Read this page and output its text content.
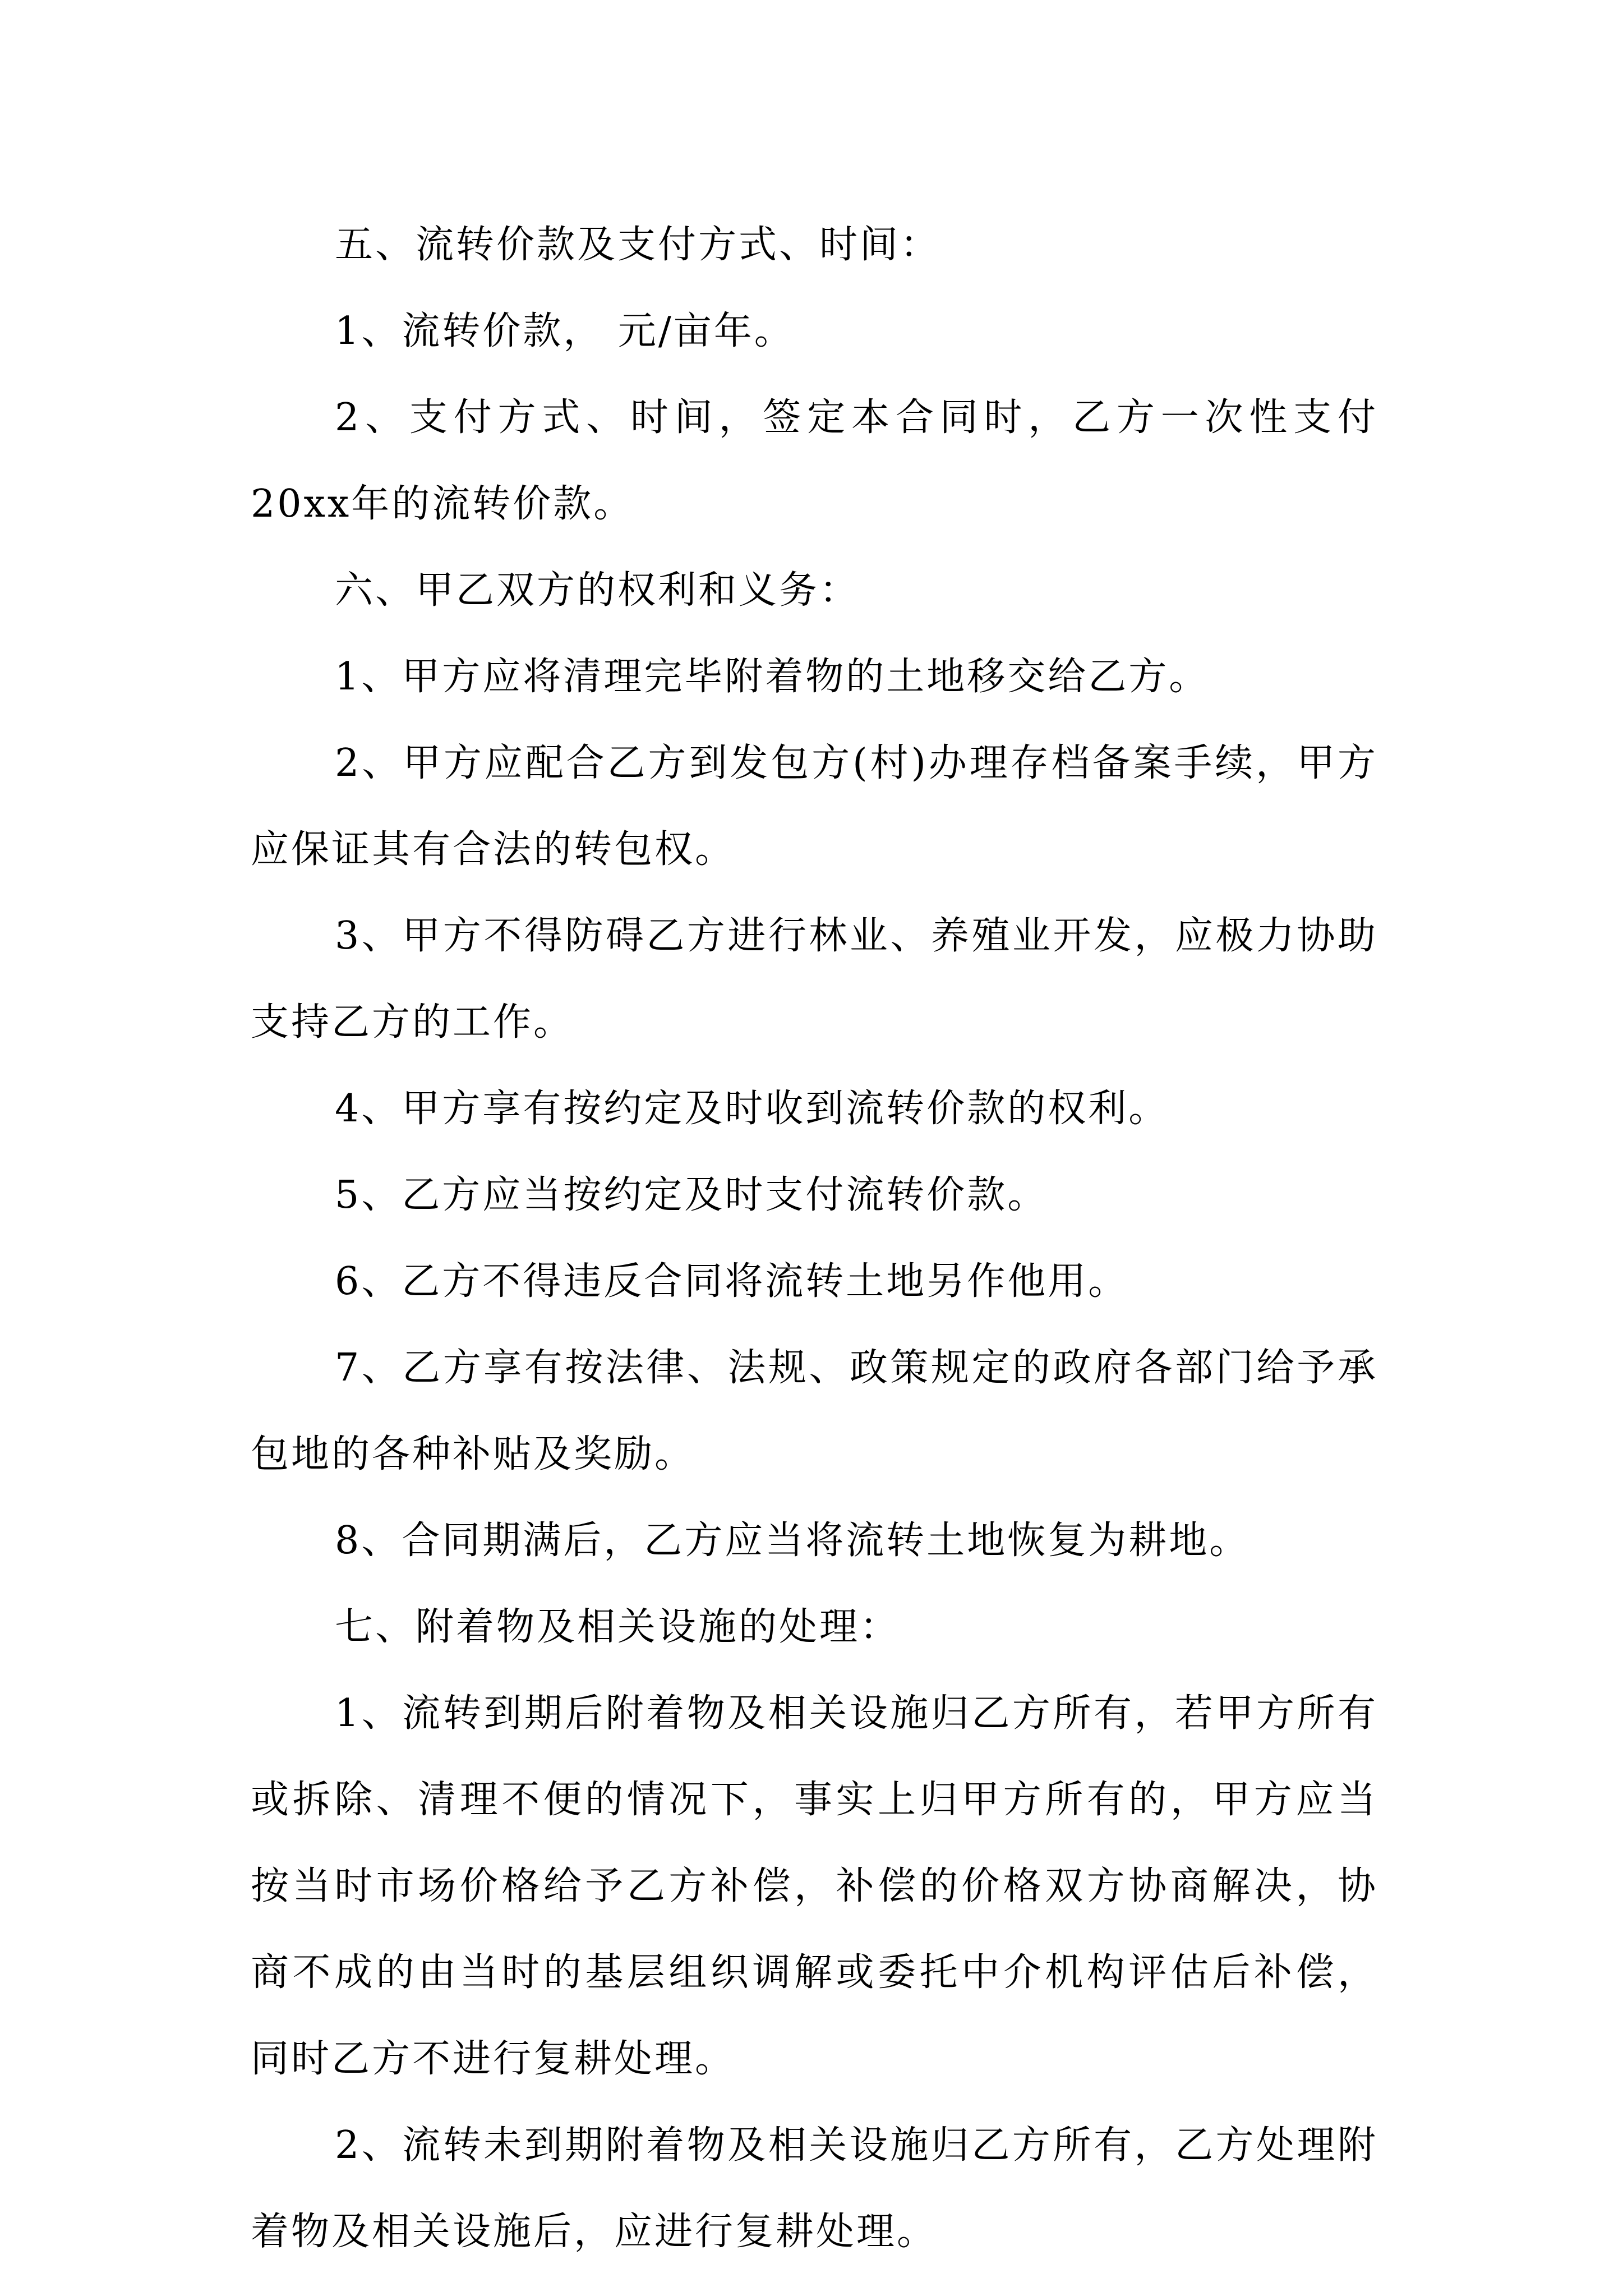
五、流转价款及支付方式、时间：

1、流转价款， 元/亩年。

2、支付方式、时间，签定本合同时，乙方一次性支付20xx年的流转价款。

六、甲乙双方的权利和义务：

1、甲方应将清理完毕附着物的土地移交给乙方。

2、甲方应配合乙方到发包方(村)办理存档备案手续，甲方应保证其有合法的转包权。

3、甲方不得防碍乙方进行林业、养殖业开发，应极力协助支持乙方的工作。

4、甲方享有按约定及时收到流转价款的权利。

5、乙方应当按约定及时支付流转价款。

6、乙方不得违反合同将流转土地另作他用。

7、乙方享有按法律、法规、政策规定的政府各部门给予承包地的各种补贴及奖励。

8、合同期满后，乙方应当将流转土地恢复为耕地。

七、附着物及相关设施的处理：

1、流转到期后附着物及相关设施归乙方所有，若甲方所有或拆除、清理不便的情况下，事实上归甲方所有的，甲方应当按当时市场价格给予乙方补偿，补偿的价格双方协商解决，协商不成的由当时的基层组织调解或委托中介机构评估后补偿，同时乙方不进行复耕处理。

2、流转未到期附着物及相关设施归乙方所有，乙方处理附着物及相关设施后，应进行复耕处理。
